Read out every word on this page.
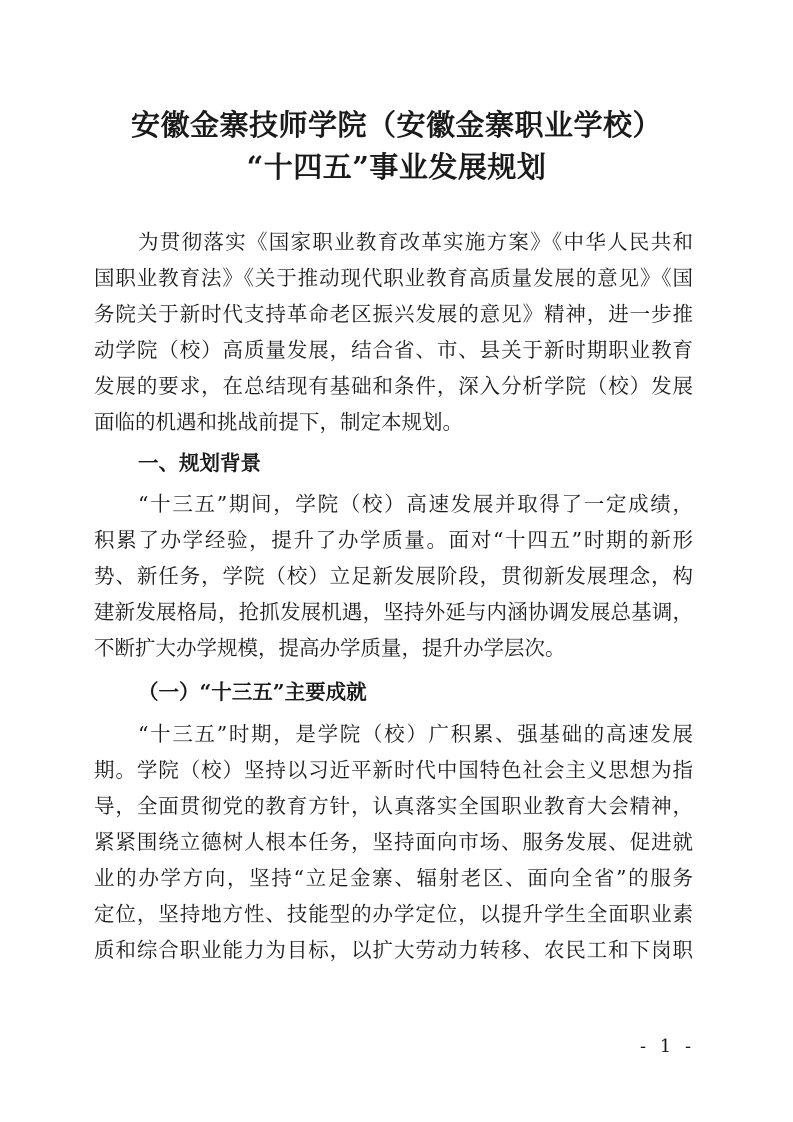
安徽金寨技师学院（安徽金寨职业学校）
“十四五”事业发展规划
为贯彻落实《国家职业教育改革实施方案》《中华人民共和
国职业教育法》《关于推动现代职业教育高质量发展的意见》《国
务院关于新时代支持革命老区振兴发展的意见》精神，进一步推
动学院（校）高质量发展，结合省、市、县关于新时期职业教育
发展的要求，在总结现有基础和条件，深入分析学院（校）发展
面临的机遇和挑战前提下，制定本规划。
一、规划背景
“十三五”期间，学院（校）高速发展并取得了一定成绩，
积累了办学经验，提升了办学质量。面对“十四五”时期的新形
势、新任务，学院（校）立足新发展阶段，贯彻新发展理念，构
建新发展格局，抢抓发展机遇，坚持外延与内涵协调发展总基调，
不断扩大办学规模，提高办学质量，提升办学层次。
（一）“十三五”主要成就
“十三五”时期，是学院（校）广积累、强基础的高速发展
期。学院（校）坚持以习近平新时代中国特色社会主义思想为指
导，全面贯彻党的教育方针，认真落实全国职业教育大会精神，
紧紧围绕立德树人根本任务，坚持面向市场、服务发展、促进就
业的办学方向，坚持“立足金寨、辐射老区、面向全省”的服务
定位，坚持地方性、技能型的办学定位，以提升学生全面职业素
质和综合职业能力为目标，以扩大劳动力转移、农民工和下岗职
- 1 -
